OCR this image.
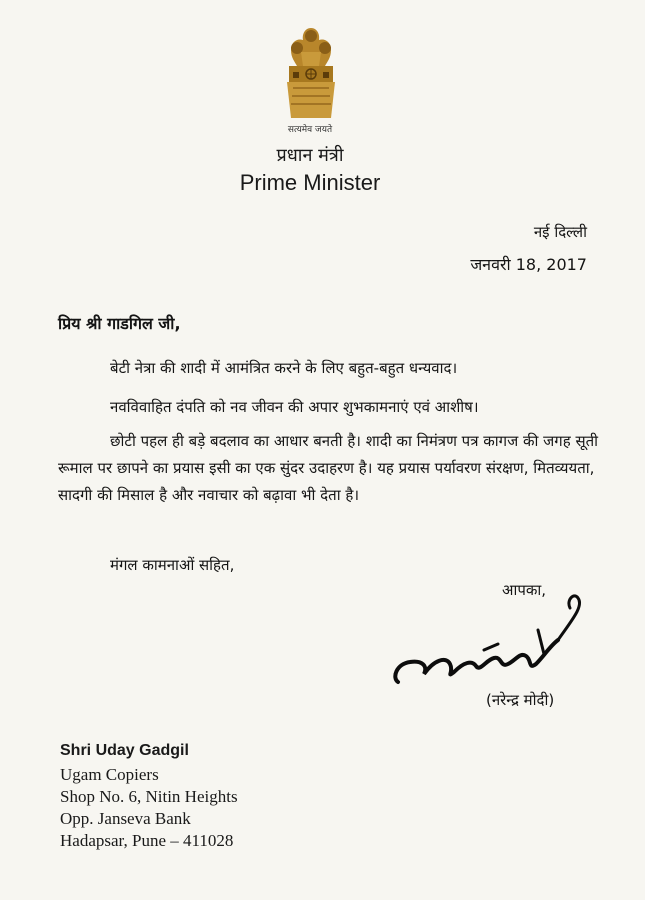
सत्यमेव जयते
प्रधान मंत्री
Prime Minister
नई दिल्ली
जनवरी 18, 2017
प्रिय श्री गाडगिल जी,
बेटी नेत्रा की शादी में आमंत्रित करने के लिए बहुत-बहुत धन्यवाद।
नवविवाहित दंपति को नव जीवन की अपार शुभकामनाएं एवं आशीष।
छोटी पहल ही बड़े बदलाव का आधार बनती है। शादी का निमंत्रण पत्र कागज की जगह सूती रूमाल पर छापने का प्रयास इसी का एक सुंदर उदाहरण है। यह प्रयास पर्यावरण संरक्षण, मितव्ययता, सादगी की मिसाल है और नवाचार को बढ़ावा भी देता है।
मंगल कामनाओं सहित,
आपका,
(नरेन्द्र मोदी)
Shri Uday Gadgil
Ugam Copiers
Shop No. 6, Nitin Heights
Opp. Janseva Bank
Hadapsar, Pune – 411028
